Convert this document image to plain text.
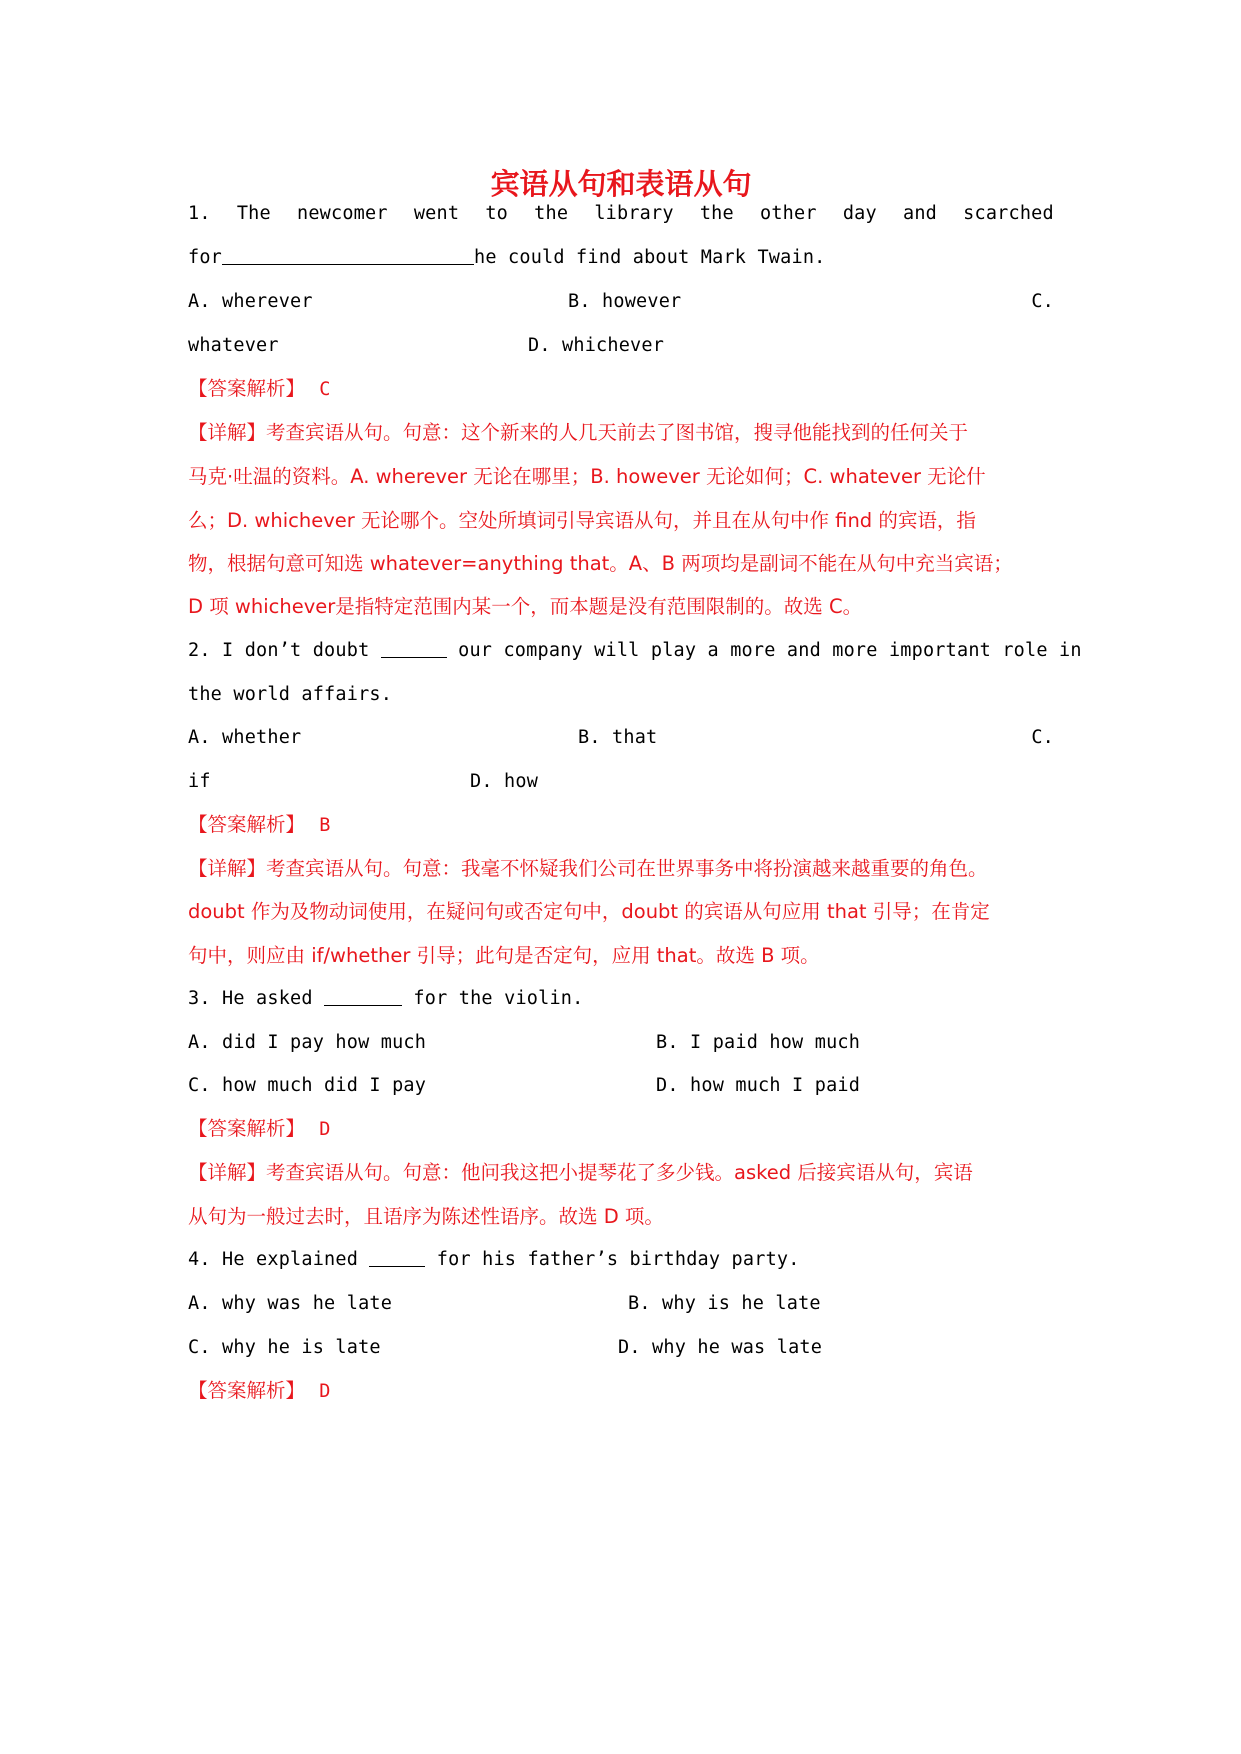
宾语从句和表语从句
1. The newcomer went to the library the other day and scarched
for	he could find about Mark Twain.
A. wherever	B. however	C.
whatever	D. whichever
【答案解析】 C
【详解】考查宾语从句。句意：这个新来的人几天前去了图书馆，搜寻他能找到的任何关于
马克·吐温的资料。A. wherever 无论在哪里；B. however 无论如何；C. whatever 无论什
么；D. whichever 无论哪个。空处所填词引导宾语从句，并且在从句中作 find 的宾语，指
物，根据句意可知选 whatever=anything that。A、B 两项均是副词不能在从句中充当宾语；
D 项 whichever是指特定范围内某一个，而本题是没有范围限制的。故选 C。
2. I don’t doubt	our company will play a more and more important role in
the world affairs.
A. whether	B. that	C.
if	D. how
【答案解析】 B
【详解】考查宾语从句。句意：我毫不怀疑我们公司在世界事务中将扮演越来越重要的角色。
doubt 作为及物动词使用，在疑问句或否定句中，doubt 的宾语从句应用 that 引导；在肯定
句中，则应由 if/whether 引导；此句是否定句，应用 that。故选 B 项。
3. He asked	for the violin.
A. did I pay how much	B. I paid how much
C. how much did I pay	D. how much I paid
【答案解析】 D
【详解】考查宾语从句。句意：他问我这把小提琴花了多少钱。asked 后接宾语从句，宾语
从句为一般过去时，且语序为陈述性语序。故选 D 项。
4. He explained	for his father’s birthday party.
A. why was he late	B. why is he late
C. why he is late	D. why he was late
【答案解析】 D
